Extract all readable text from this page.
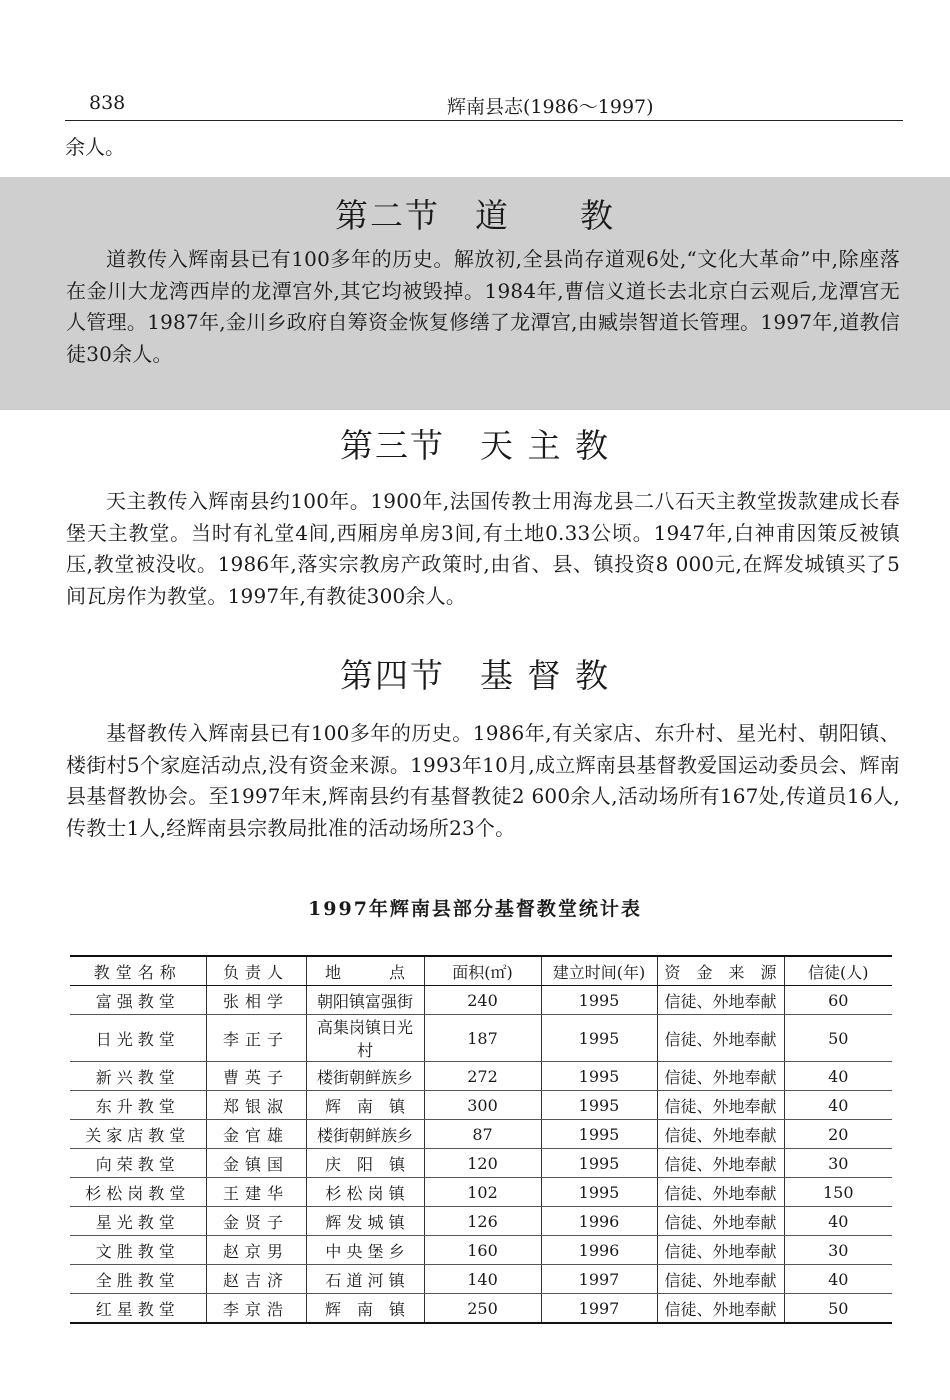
838	辉南县志(1986～1997)
余人。
第二节　道　　教

道教传入辉南县已有100多年的历史。解放初,全县尚存道观6处,“文化大革命”中,除座落在金川大龙湾西岸的龙潭宫外,其它均被毁掉。1984年,曹信义道长去北京白云观后,龙潭宫无人管理。1987年,金川乡政府自筹资金恢复修缮了龙潭宫,由臧崇智道长管理。1997年,道教信徒30余人。

第三节　天 主 教

天主教传入辉南县约100年。1900年,法国传教士用海龙县二八石天主教堂拨款建成长春堡天主教堂。当时有礼堂4间,西厢房单房3间,有土地0.33公顷。1947年,白神甫因策反被镇压,教堂被没收。1986年,落实宗教房产政策时,由省、县、镇投资8 000元,在辉发城镇买了5间瓦房作为教堂。1997年,有教徒300余人。

第四节　基 督 教

基督教传入辉南县已有100多年的历史。1986年,有关家店、东升村、星光村、朝阳镇、楼街村5个家庭活动点,没有资金来源。1993年10月,成立辉南县基督教爱国运动委员会、辉南县基督教协会。至1997年末,辉南县约有基督教徒2 600余人,活动场所有167处,传道员16人,传教士1人,经辉南县宗教局批准的活动场所23个。

1997年辉南县部分基督教堂统计表
教堂名称	负责人	地　　　点	面积(㎡)	建立时间(年)	资　金　来　源	信徒(人)
富强教堂	张相学	朝阳镇富强街	240	1995	信徒、外地奉献	60
日光教堂	李正子	高集岗镇日光村	187	1995	信徒、外地奉献	50
新兴教堂	曹英子	楼街朝鲜族乡	272	1995	信徒、外地奉献	40
东升教堂	郑银淑	辉　南　镇	300	1995	信徒、外地奉献	40
关家店教堂	金官雄	楼街朝鲜族乡	87	1995	信徒、外地奉献	20
向荣教堂	金镇国	庆　阳　镇	120	1995	信徒、外地奉献	30
杉松岗教堂	王建华	杉 松 岗 镇	102	1995	信徒、外地奉献	150
星光教堂	金贤子	辉 发 城 镇	126	1996	信徒、外地奉献	40
文胜教堂	赵京男	中 央 堡 乡	160	1996	信徒、外地奉献	30
全胜教堂	赵吉济	石 道 河 镇	140	1997	信徒、外地奉献	40
红星教堂	李京浩	辉　南　镇	250	1997	信徒、外地奉献	50
